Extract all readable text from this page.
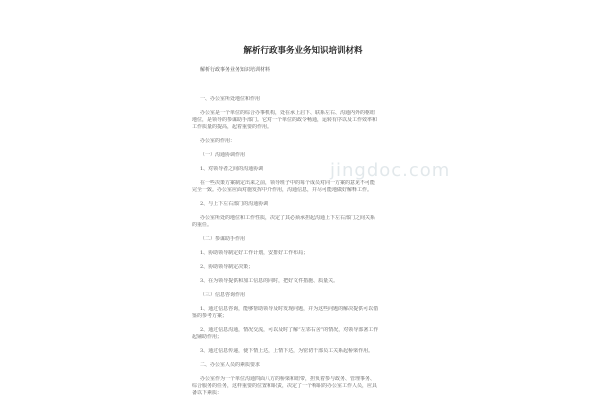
解析行政事务业务知识培训材料
解析行政事务业务知识培训材料
一、办公室所处地位和作用
办公室是一个单位的综合办事机构，处在承上启下、联系左右、沟通内外的枢纽
地位，是领导的参谋助手部门。它对一个单位的政令畅通，运转有序以及工作效率和
工作质量的提高，起着重要的作用。
办公室的作用：
（一）沟通协调作用
1、对领导者之间的沟通协调
在一些决策方案制定出来之前，领导班子中的每个成员对同一方案的意见不可能
完全一致。办公室应面对施发挥中介作用，沟通信息，并尽可能地做好解释工作。
2、与上下左右部门的沟通协调
办公室所处的地位和工作性质，决定了其必须承担起沟通上下左右部门之间关系
的重任。
（二）参谋助手作用
1、协助领导制定好工作计划，安排好工作布局；
2、协助领导制定决策；
3、在为领导提供和加工信息的同时，把好文件措施、质量关。
（三）信息咨询作用
1、通过信息咨询，能够帮助领导及时发现问题，并为这些问题的解决提供可以借
鉴的参考方案；
2、通过信息沟通，情况交流，可以及时了解“左邻右舍”的情况，对领导部署工作
起铺助作用；
3、通过信息传递，使下情上达，上情下达，为密切干部员工关系起桥梁作用。
二、办公室人员的素质要求
办公室作为一个单位沟通四面八方的桥梁和纽带，担负着参与政务、管理事务、
综合服务的任务，这样重要的位置和职责，决定了一个称职的办公室工作人员，应具
备以下素质：
jingdoc.com
